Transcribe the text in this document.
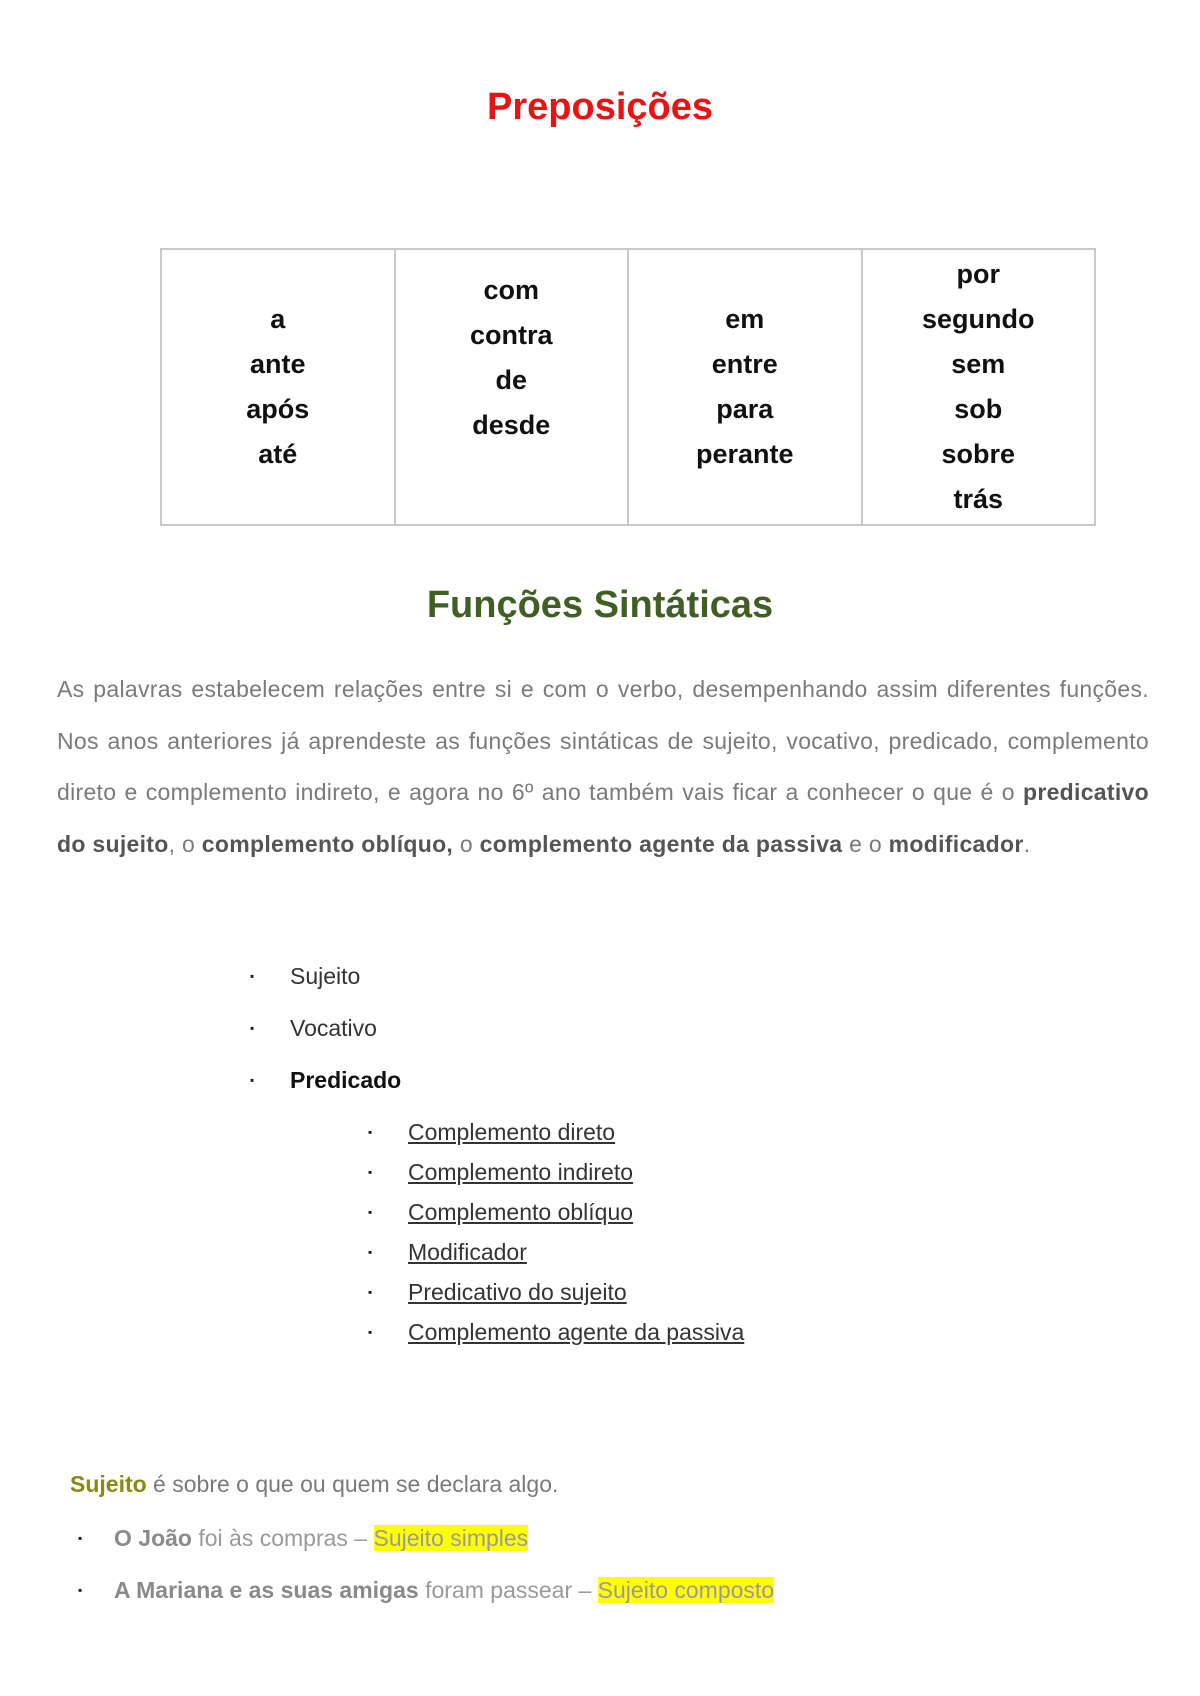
Preposições
a
ante
após
até

com
contra
de
desde

em
entre
para
perante

por
segundo
sem
sob
sobre
trás
Funções Sintáticas

As palavras estabelecem relações entre si e com o verbo, desempenhando assim diferentes funções. Nos anos anteriores já aprendeste as funções sintáticas de sujeito, vocativo, predicado, complemento direto e complemento indireto, e agora no 6º ano também vais ficar a conhecer o que é o predicativo do sujeito, o complemento oblíquo, o complemento agente da passiva e o modificador.

▪ Sujeito
▪ Vocativo
▪ Predicado
▪ Complemento direto
▪ Complemento indireto
▪ Complemento oblíquo
▪ Modificador
▪ Predicativo do sujeito
▪ Complemento agente da passiva

Sujeito é sobre o que ou quem se declara algo.

▪ O João foi às compras – Sujeito simples
▪ A Mariana e as suas amigas foram passear – Sujeito composto
